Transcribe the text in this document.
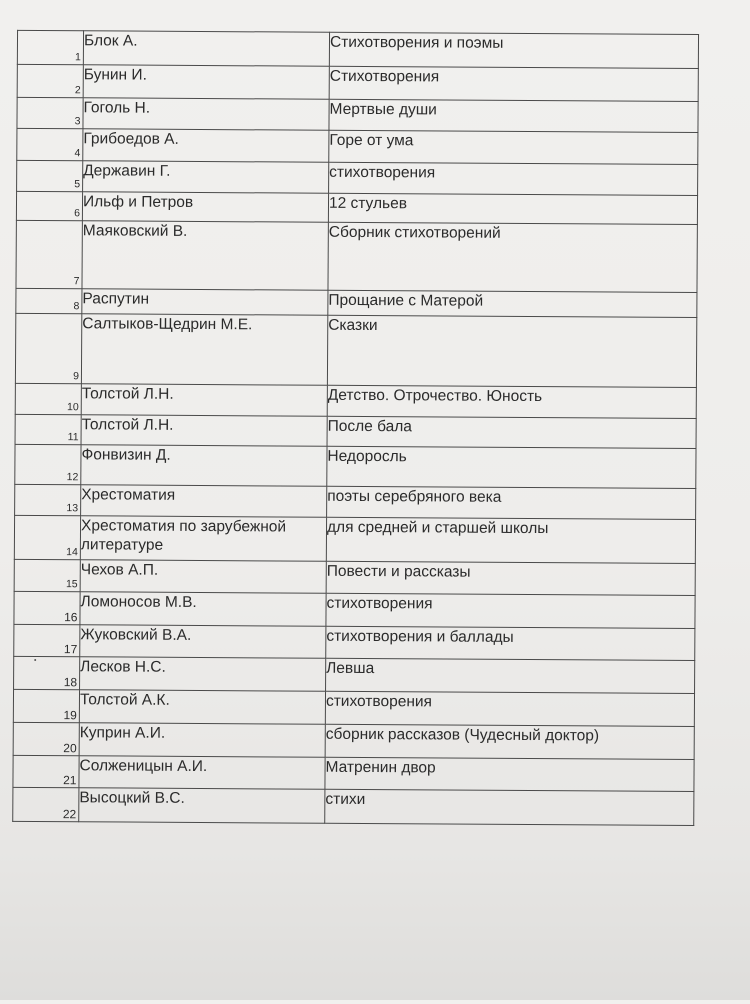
1	Блок А.	Стихотворения и поэмы

2	Бунин И.	Стихотворения

3	Гоголь Н.	Мертвые души

4	Грибоедов А.	Горе от ума

5	Державин Г.	стихотворения

6	Ильф и Петров	12 стульев

7	Маяковский В.	Сборник стихотворений

8	Распутин	Прощание с Матерой

9	Салтыков-Щедрин М.Е.	Сказки

10	Толстой Л.Н.	Детство. Отрочество. Юность

11	Толстой Л.Н.	После бала

12	Фонвизин Д.	Недоросль

13	Хрестоматия	поэты серебряного века

14	Хрестоматия по зарубежной литературе	для средней и старшей школы

15	Чехов А.П.	Повести и рассказы

16	Ломоносов М.В.	стихотворения

17	Жуковский В.А.	стихотворения и баллады

18	Лесков Н.С.	Левша

19	Толстой А.К.	стихотворения

20	Куприн А.И.	сборник рассказов (Чудесный доктор)

21	Солженицын А.И.	Матренин двор

22	Высоцкий В.С.	стихи
